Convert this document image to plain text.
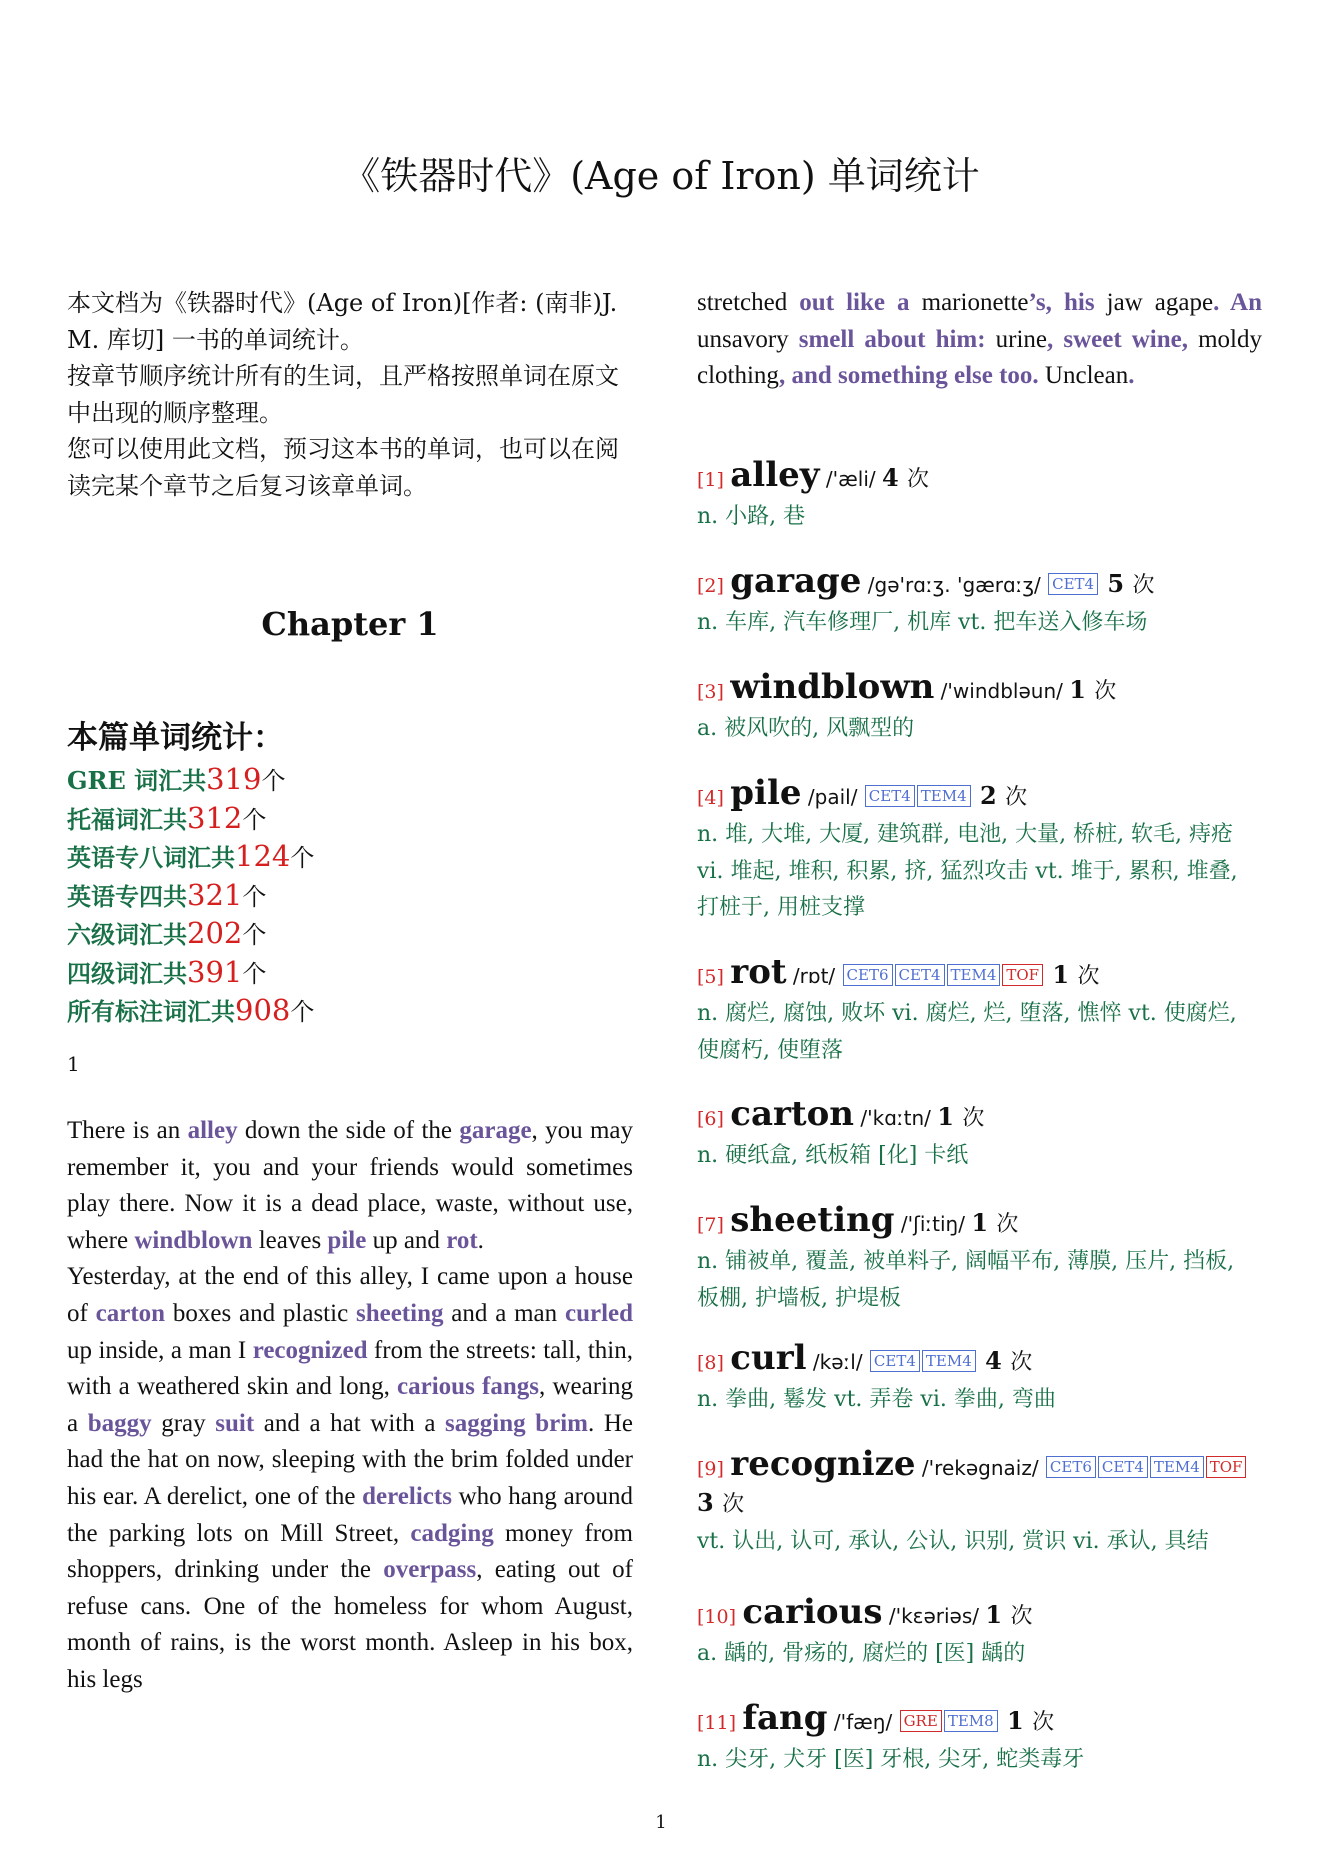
《铁器时代》(Age of Iron) 单词统计

本文档为《铁器时代》(Age of Iron)[作者: (南非)J. M. 库切] 一书的单词统计。

按章节顺序统计所有的生词，且严格按照单词在原文中出现的顺序整理。

您可以使用此文档，预习这本书的单词，也可以在阅读完某个章节之后复习该章单词。

Chapter 1
本篇单词统计：
GRE 词汇共319个
托福词汇共312个
英语专八词汇共124个
英语专四共321个
六级词汇共202个
四级词汇共391个
所有标注词汇共908个
1

There is an alley down the side of the garage, you may remember it, you and your friends would sometimes play there. Now it is a dead place, waste, without use, where windblown leaves pile up and rot.

Yesterday, at the end of this alley, I came upon a house of carton boxes and plastic sheeting and a man curled up inside, a man I recognized from the streets: tall, thin, with a weathered skin and long, carious fangs, wearing a baggy gray suit and a hat with a sagging brim. He had the hat on now, sleeping with the brim folded under his ear. A derelict, one of the derelicts who hang around the parking lots on Mill Street, cadging money from shoppers, drinking under the overpass, eating out of refuse cans. One of the homeless for whom August, month of rains, is the worst month. Asleep in his box, his legs

stretched out like a marionette’s, his jaw agape. An unsavory smell about him: urine, sweet wine, moldy clothing, and something else too. Unclean.

[1] alley /'æli/ 4 次
n. 小路, 巷
[2] garage /gə'rɑːʒ. 'gærɑːʒ/ CET4 5 次
n. 车库, 汽车修理厂, 机库 vt. 把车送入修车场
[3] windblown /'windbləun/ 1 次
a. 被风吹的, 风飘型的
[4] pile /pail/ CET4 TEM4 2 次
n. 堆, 大堆, 大厦, 建筑群, 电池, 大量, 桥桩, 软毛, 痔疮 vi. 堆起, 堆积, 积累, 挤, 猛烈攻击 vt. 堆于, 累积, 堆叠, 打桩于, 用桩支撑
[5] rot /rɒt/ CET6 CET4 TEM4 TOF 1 次
n. 腐烂, 腐蚀, 败坏 vi. 腐烂, 烂, 堕落, 憔悴 vt. 使腐烂, 使腐朽, 使堕落
[6] carton /'kɑːtn/ 1 次
n. 硬纸盒, 纸板箱 [化] 卡纸
[7] sheeting /'ʃiːtiŋ/ 1 次
n. 铺被单, 覆盖, 被单料子, 阔幅平布, 薄膜, 压片, 挡板, 板棚, 护墙板, 护堤板
[8] curl /kəːl/ CET4 TEM4 4 次
n. 拳曲, 鬈发 vt. 弄卷 vi. 拳曲, 弯曲
[9] recognize /'rekəgnaiz/ CET6 CET4 TEM4 TOF 3 次
vt. 认出, 认可, 承认, 公认, 识别, 赏识 vi. 承认, 具结
[10] carious /'kɛəriəs/ 1 次
a. 龋的, 骨疡的, 腐烂的 [医] 龋的
[11] fang /'fæŋ/ GRE TEM8 1 次
n. 尖牙, 犬牙 [医] 牙根, 尖牙, 蛇类毒牙
1
